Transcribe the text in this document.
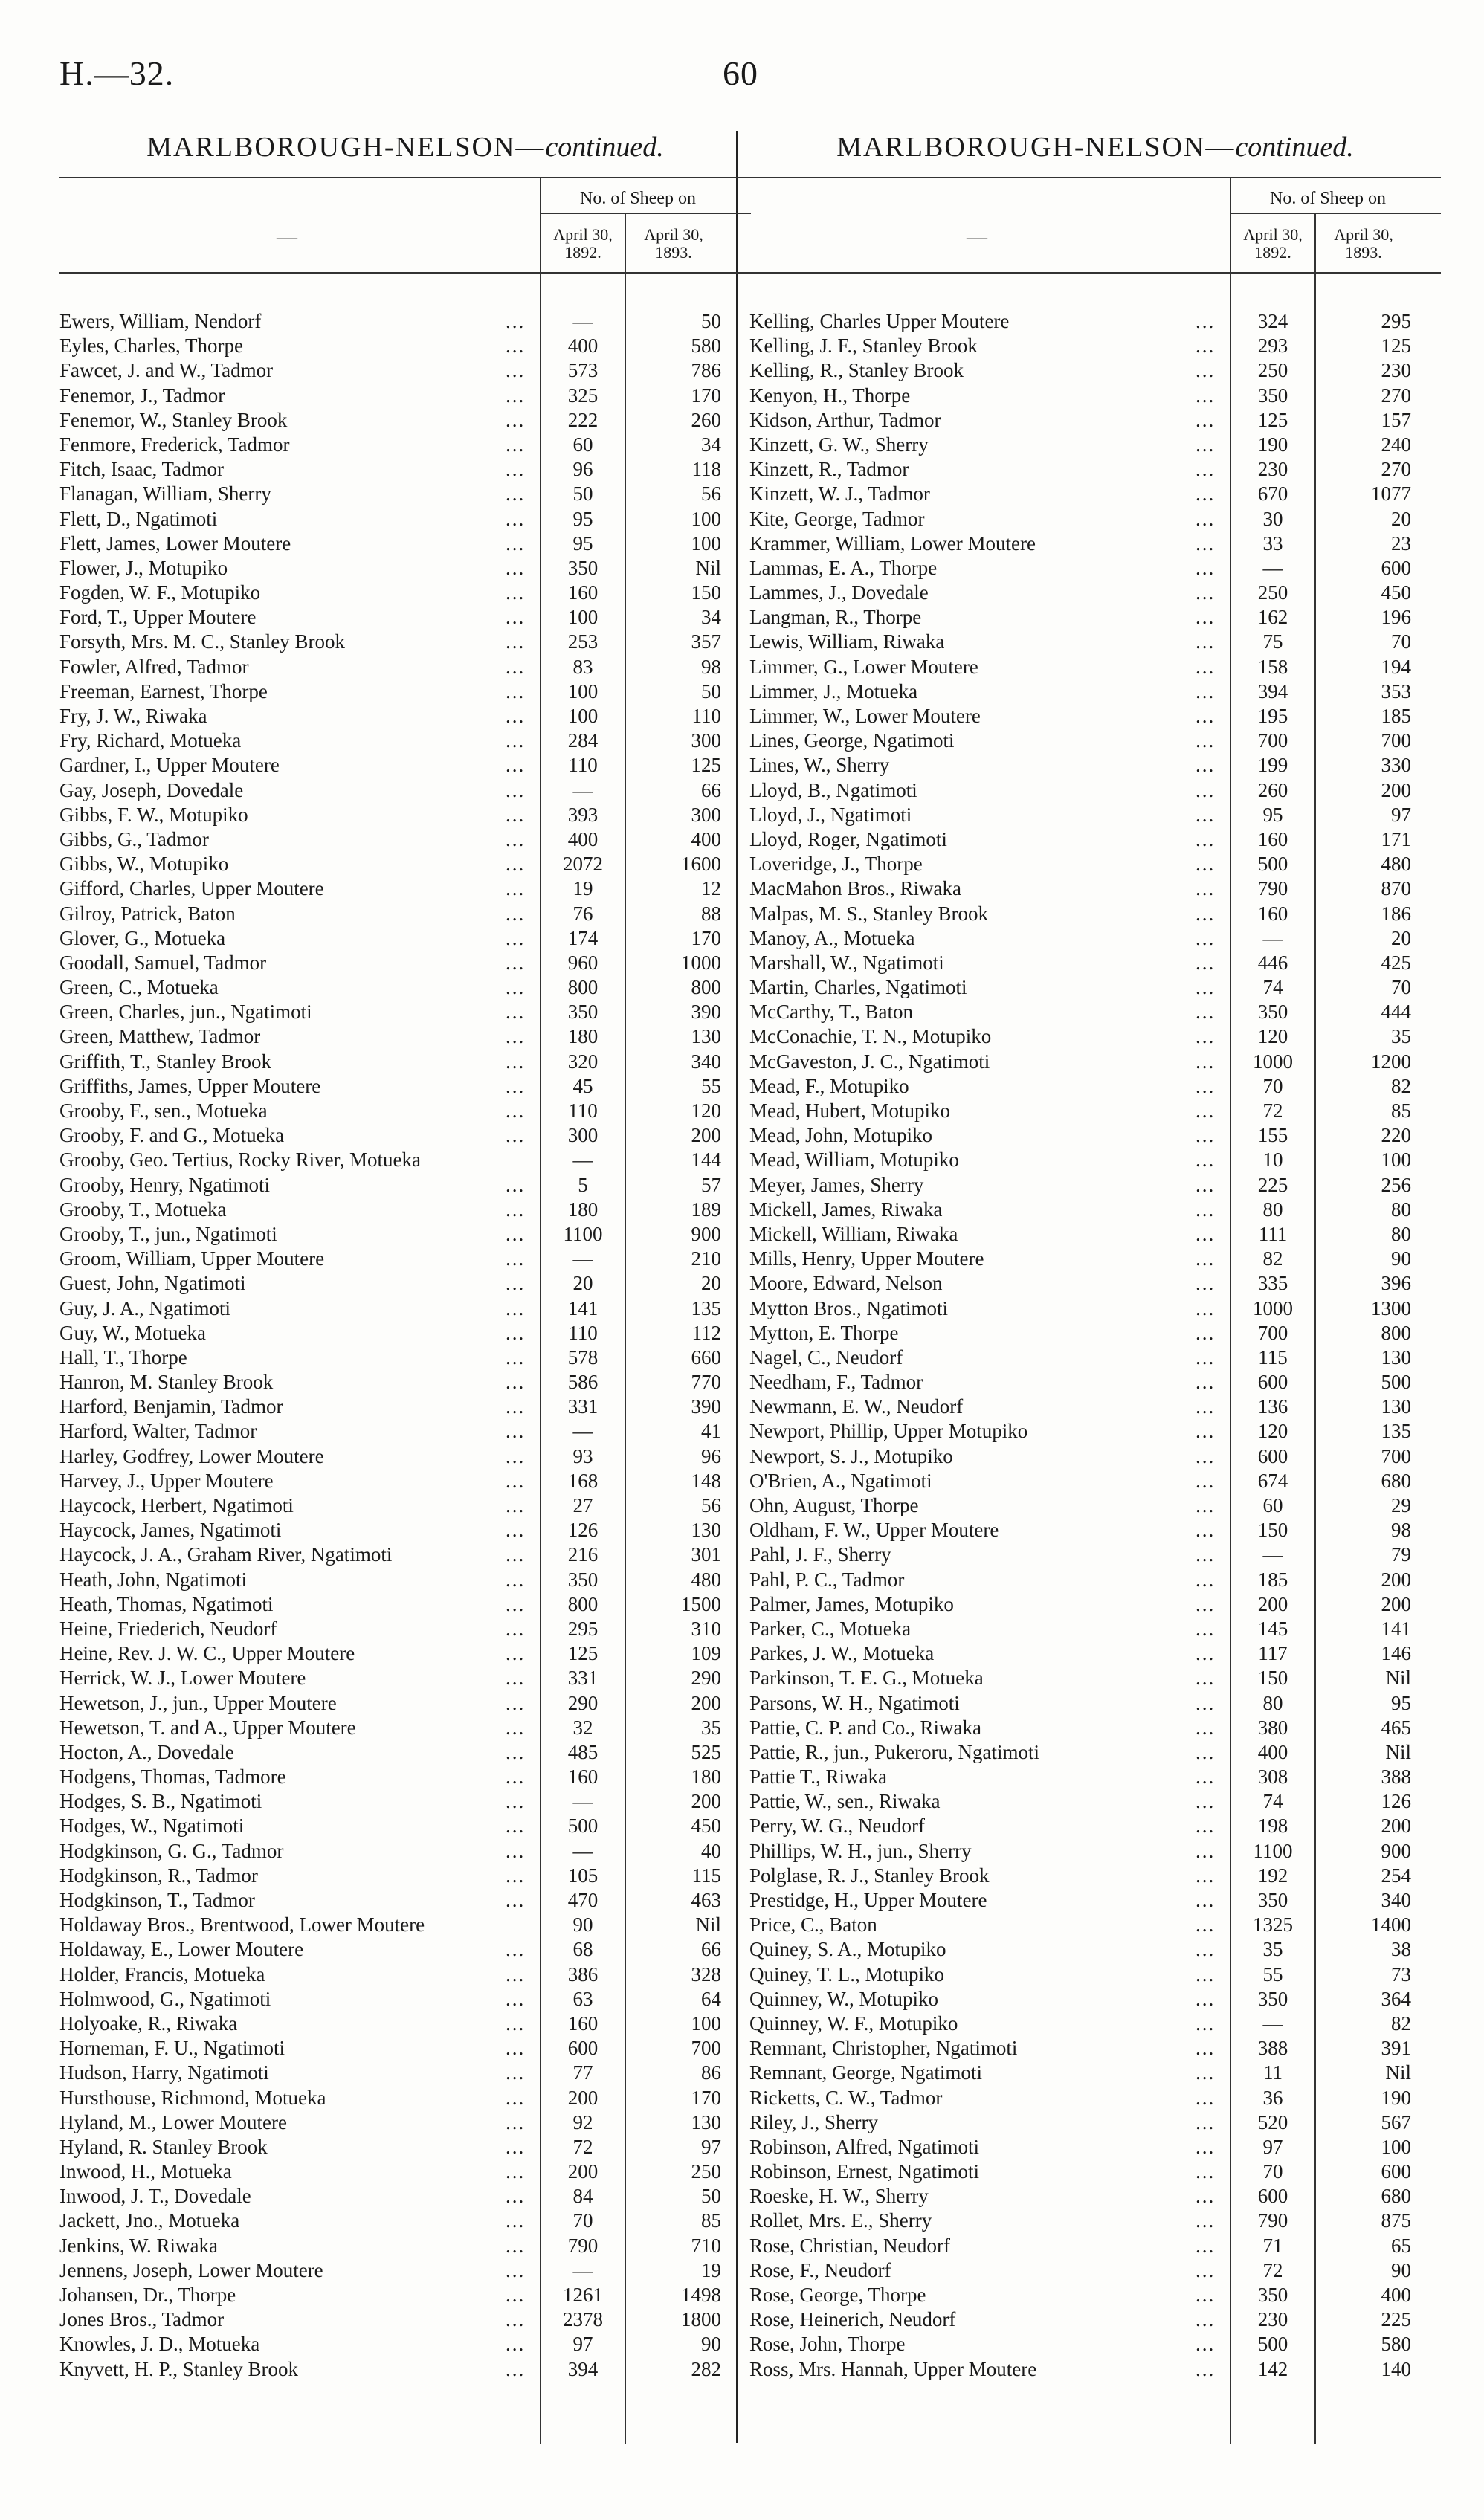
H.—32.	60
MARLBOROUGH-NELSON—continued.
—
No. of Sheep on
April 30,
1892.
April 30,
1893.
Ewers, William, Nendorf	...	—	50
Eyles, Charles, Thorpe	...	400	580
Fawcet, J. and W., Tadmor	...	573	786
Fenemor, J., Tadmor	...	325	170
Fenemor, W., Stanley Brook	...	222	260
Fenmore, Frederick, Tadmor	...	60	34
Fitch, Isaac, Tadmor	...	96	118
Flanagan, William, Sherry	...	50	56
Flett, D., Ngatimoti	...	95	100
Flett, James, Lower Moutere	...	95	100
Flower, J., Motupiko	...	350	Nil
Fogden, W. F., Motupiko	...	160	150
Ford, T., Upper Moutere	...	100	34
Forsyth, Mrs. M. C., Stanley Brook	...	253	357
Fowler, Alfred, Tadmor	...	83	98
Freeman, Earnest, Thorpe	...	100	50
Fry, J. W., Riwaka	...	100	110
Fry, Richard, Motueka	...	284	300
Gardner, I., Upper Moutere	...	110	125
Gay, Joseph, Dovedale	...	—	66
Gibbs, F. W., Motupiko	...	393	300
Gibbs, G., Tadmor	...	400	400
Gibbs, W., Motupiko	...	2072	1600
Gifford, Charles, Upper Moutere	...	19	12
Gilroy, Patrick, Baton	...	76	88
Glover, G., Motueka	...	174	170
Goodall, Samuel, Tadmor	...	960	1000
Green, C., Motueka	...	800	800
Green, Charles, jun., Ngatimoti	...	350	390
Green, Matthew, Tadmor	...	180	130
Griffith, T., Stanley Brook	...	320	340
Griffiths, James, Upper Moutere	...	45	55
Grooby, F., sen., Motueka	...	110	120
Grooby, F. and G., Motueka	...	300	200
Grooby, Geo. Tertius, Rocky River, Motueka	—	144
Grooby, Henry, Ngatimoti	...	5	57
Grooby, T., Motueka	...	180	189
Grooby, T., jun., Ngatimoti	...	1100	900
Groom, William, Upper Moutere	...	—	210
Guest, John, Ngatimoti	...	20	20
Guy, J. A., Ngatimoti	...	141	135
Guy, W., Motueka	...	110	112
Hall, T., Thorpe	...	578	660
Hanron, M. Stanley Brook	...	586	770
Harford, Benjamin, Tadmor	...	331	390
Harford, Walter, Tadmor	...	—	41
Harley, Godfrey, Lower Moutere	...	93	96
Harvey, J., Upper Moutere	...	168	148
Haycock, Herbert, Ngatimoti	...	27	56
Haycock, James, Ngatimoti	...	126	130
Haycock, J. A., Graham River, Ngatimoti	...	216	301
Heath, John, Ngatimoti	...	350	480
Heath, Thomas, Ngatimoti	...	800	1500
Heine, Friederich, Neudorf	...	295	310
Heine, Rev. J. W. C., Upper Moutere	...	125	109
Herrick, W. J., Lower Moutere	...	331	290
Hewetson, J., jun., Upper Moutere	...	290	200
Hewetson, T. and A., Upper Moutere	...	32	35
Hocton, A., Dovedale	...	485	525
Hodgens, Thomas, Tadmore	...	160	180
Hodges, S. B., Ngatimoti	...	—	200
Hodges, W., Ngatimoti	...	500	450
Hodgkinson, G. G., Tadmor	...	—	40
Hodgkinson, R., Tadmor	...	105	115
Hodgkinson, T., Tadmor	...	470	463
Holdaway Bros., Brentwood, Lower Moutere	90	Nil
Holdaway, E., Lower Moutere	...	68	66
Holder, Francis, Motueka	...	386	328
Holmwood, G., Ngatimoti	...	63	64
Holyoake, R., Riwaka	...	160	100
Horneman, F. U., Ngatimoti	...	600	700
Hudson, Harry, Ngatimoti	...	77	86
Hursthouse, Richmond, Motueka	...	200	170
Hyland, M., Lower Moutere	...	92	130
Hyland, R. Stanley Brook	...	72	97
Inwood, H., Motueka	...	200	250
Inwood, J. T., Dovedale	...	84	50
Jackett, Jno., Motueka	...	70	85
Jenkins, W. Riwaka	...	790	710
Jennens, Joseph, Lower Moutere	...	—	19
Johansen, Dr., Thorpe	...	1261	1498
Jones Bros., Tadmor	...	2378	1800
Knowles, J. D., Motueka	...	97	90
Knyvett, H. P., Stanley Brook	...	394	282
MARLBOROUGH-NELSON—continued.
—
No. of Sheep on
April 30,
1892.
April 30,
1893.
Kelling, Charles Upper Moutere	...	324	295
Kelling, J. F., Stanley Brook	...	293	125
Kelling, R., Stanley Brook	...	250	230
Kenyon, H., Thorpe	...	350	270
Kidson, Arthur, Tadmor	...	125	157
Kinzett, G. W., Sherry	...	190	240
Kinzett, R., Tadmor	...	230	270
Kinzett, W. J., Tadmor	...	670	1077
Kite, George, Tadmor	...	30	20
Krammer, William, Lower Moutere	...	33	23
Lammas, E. A., Thorpe	...	—	600
Lammes, J., Dovedale	...	250	450
Langman, R., Thorpe	...	162	196
Lewis, William, Riwaka	...	75	70
Limmer, G., Lower Moutere	...	158	194
Limmer, J., Motueka	...	394	353
Limmer, W., Lower Moutere	...	195	185
Lines, George, Ngatimoti	...	700	700
Lines, W., Sherry	...	199	330
Lloyd, B., Ngatimoti	...	260	200
Lloyd, J., Ngatimoti	...	95	97
Lloyd, Roger, Ngatimoti	...	160	171
Loveridge, J., Thorpe	...	500	480
MacMahon Bros., Riwaka	...	790	870
Malpas, M. S., Stanley Brook	...	160	186
Manoy, A., Motueka	...	—	20
Marshall, W., Ngatimoti	...	446	425
Martin, Charles, Ngatimoti	...	74	70
McCarthy, T., Baton	...	350	444
McConachie, T. N., Motupiko	...	120	35
McGaveston, J. C., Ngatimoti	...	1000	1200
Mead, F., Motupiko	...	70	82
Mead, Hubert, Motupiko	...	72	85
Mead, John, Motupiko	...	155	220
Mead, William, Motupiko	...	10	100
Meyer, James, Sherry	...	225	256
Mickell, James, Riwaka	...	80	80
Mickell, William, Riwaka	...	111	80
Mills, Henry, Upper Moutere	...	82	90
Moore, Edward, Nelson	...	335	396
Mytton Bros., Ngatimoti	...	1000	1300
Mytton, E. Thorpe	...	700	800
Nagel, C., Neudorf	...	115	130
Needham, F., Tadmor	...	600	500
Newmann, E. W., Neudorf	...	136	130
Newport, Phillip, Upper Motupiko	...	120	135
Newport, S. J., Motupiko	...	600	700
O'Brien, A., Ngatimoti	...	674	680
Ohn, August, Thorpe	...	60	29
Oldham, F. W., Upper Moutere	...	150	98
Pahl, J. F., Sherry	...	—	79
Pahl, P. C., Tadmor	...	185	200
Palmer, James, Motupiko	...	200	200
Parker, C., Motueka	...	145	141
Parkes, J. W., Motueka	...	117	146
Parkinson, T. E. G., Motueka	...	150	Nil
Parsons, W. H., Ngatimoti	...	80	95
Pattie, C. P. and Co., Riwaka	...	380	465
Pattie, R., jun., Pukeroru, Ngatimoti	...	400	Nil
Pattie T., Riwaka	...	308	388
Pattie, W., sen., Riwaka	...	74	126
Perry, W. G., Neudorf	...	198	200
Phillips, W. H., jun., Sherry	...	1100	900
Polglase, R. J., Stanley Brook	...	192	254
Prestidge, H., Upper Moutere	...	350	340
Price, C., Baton	...	1325	1400
Quiney, S. A., Motupiko	...	35	38
Quiney, T. L., Motupiko	...	55	73
Quinney, W., Motupiko	...	350	364
Quinney, W. F., Motupiko	...	—	82
Remnant, Christopher, Ngatimoti	...	388	391
Remnant, George, Ngatimoti	...	11	Nil
Ricketts, C. W., Tadmor	...	36	190
Riley, J., Sherry	...	520	567
Robinson, Alfred, Ngatimoti	...	97	100
Robinson, Ernest, Ngatimoti	...	70	600
Roeske, H. W., Sherry	...	600	680
Rollet, Mrs. E., Sherry	...	790	875
Rose, Christian, Neudorf	...	71	65
Rose, F., Neudorf	...	72	90
Rose, George, Thorpe	...	350	400
Rose, Heinerich, Neudorf	...	230	225
Rose, John, Thorpe	...	500	580
Ross, Mrs. Hannah, Upper Moutere	...	142	140
